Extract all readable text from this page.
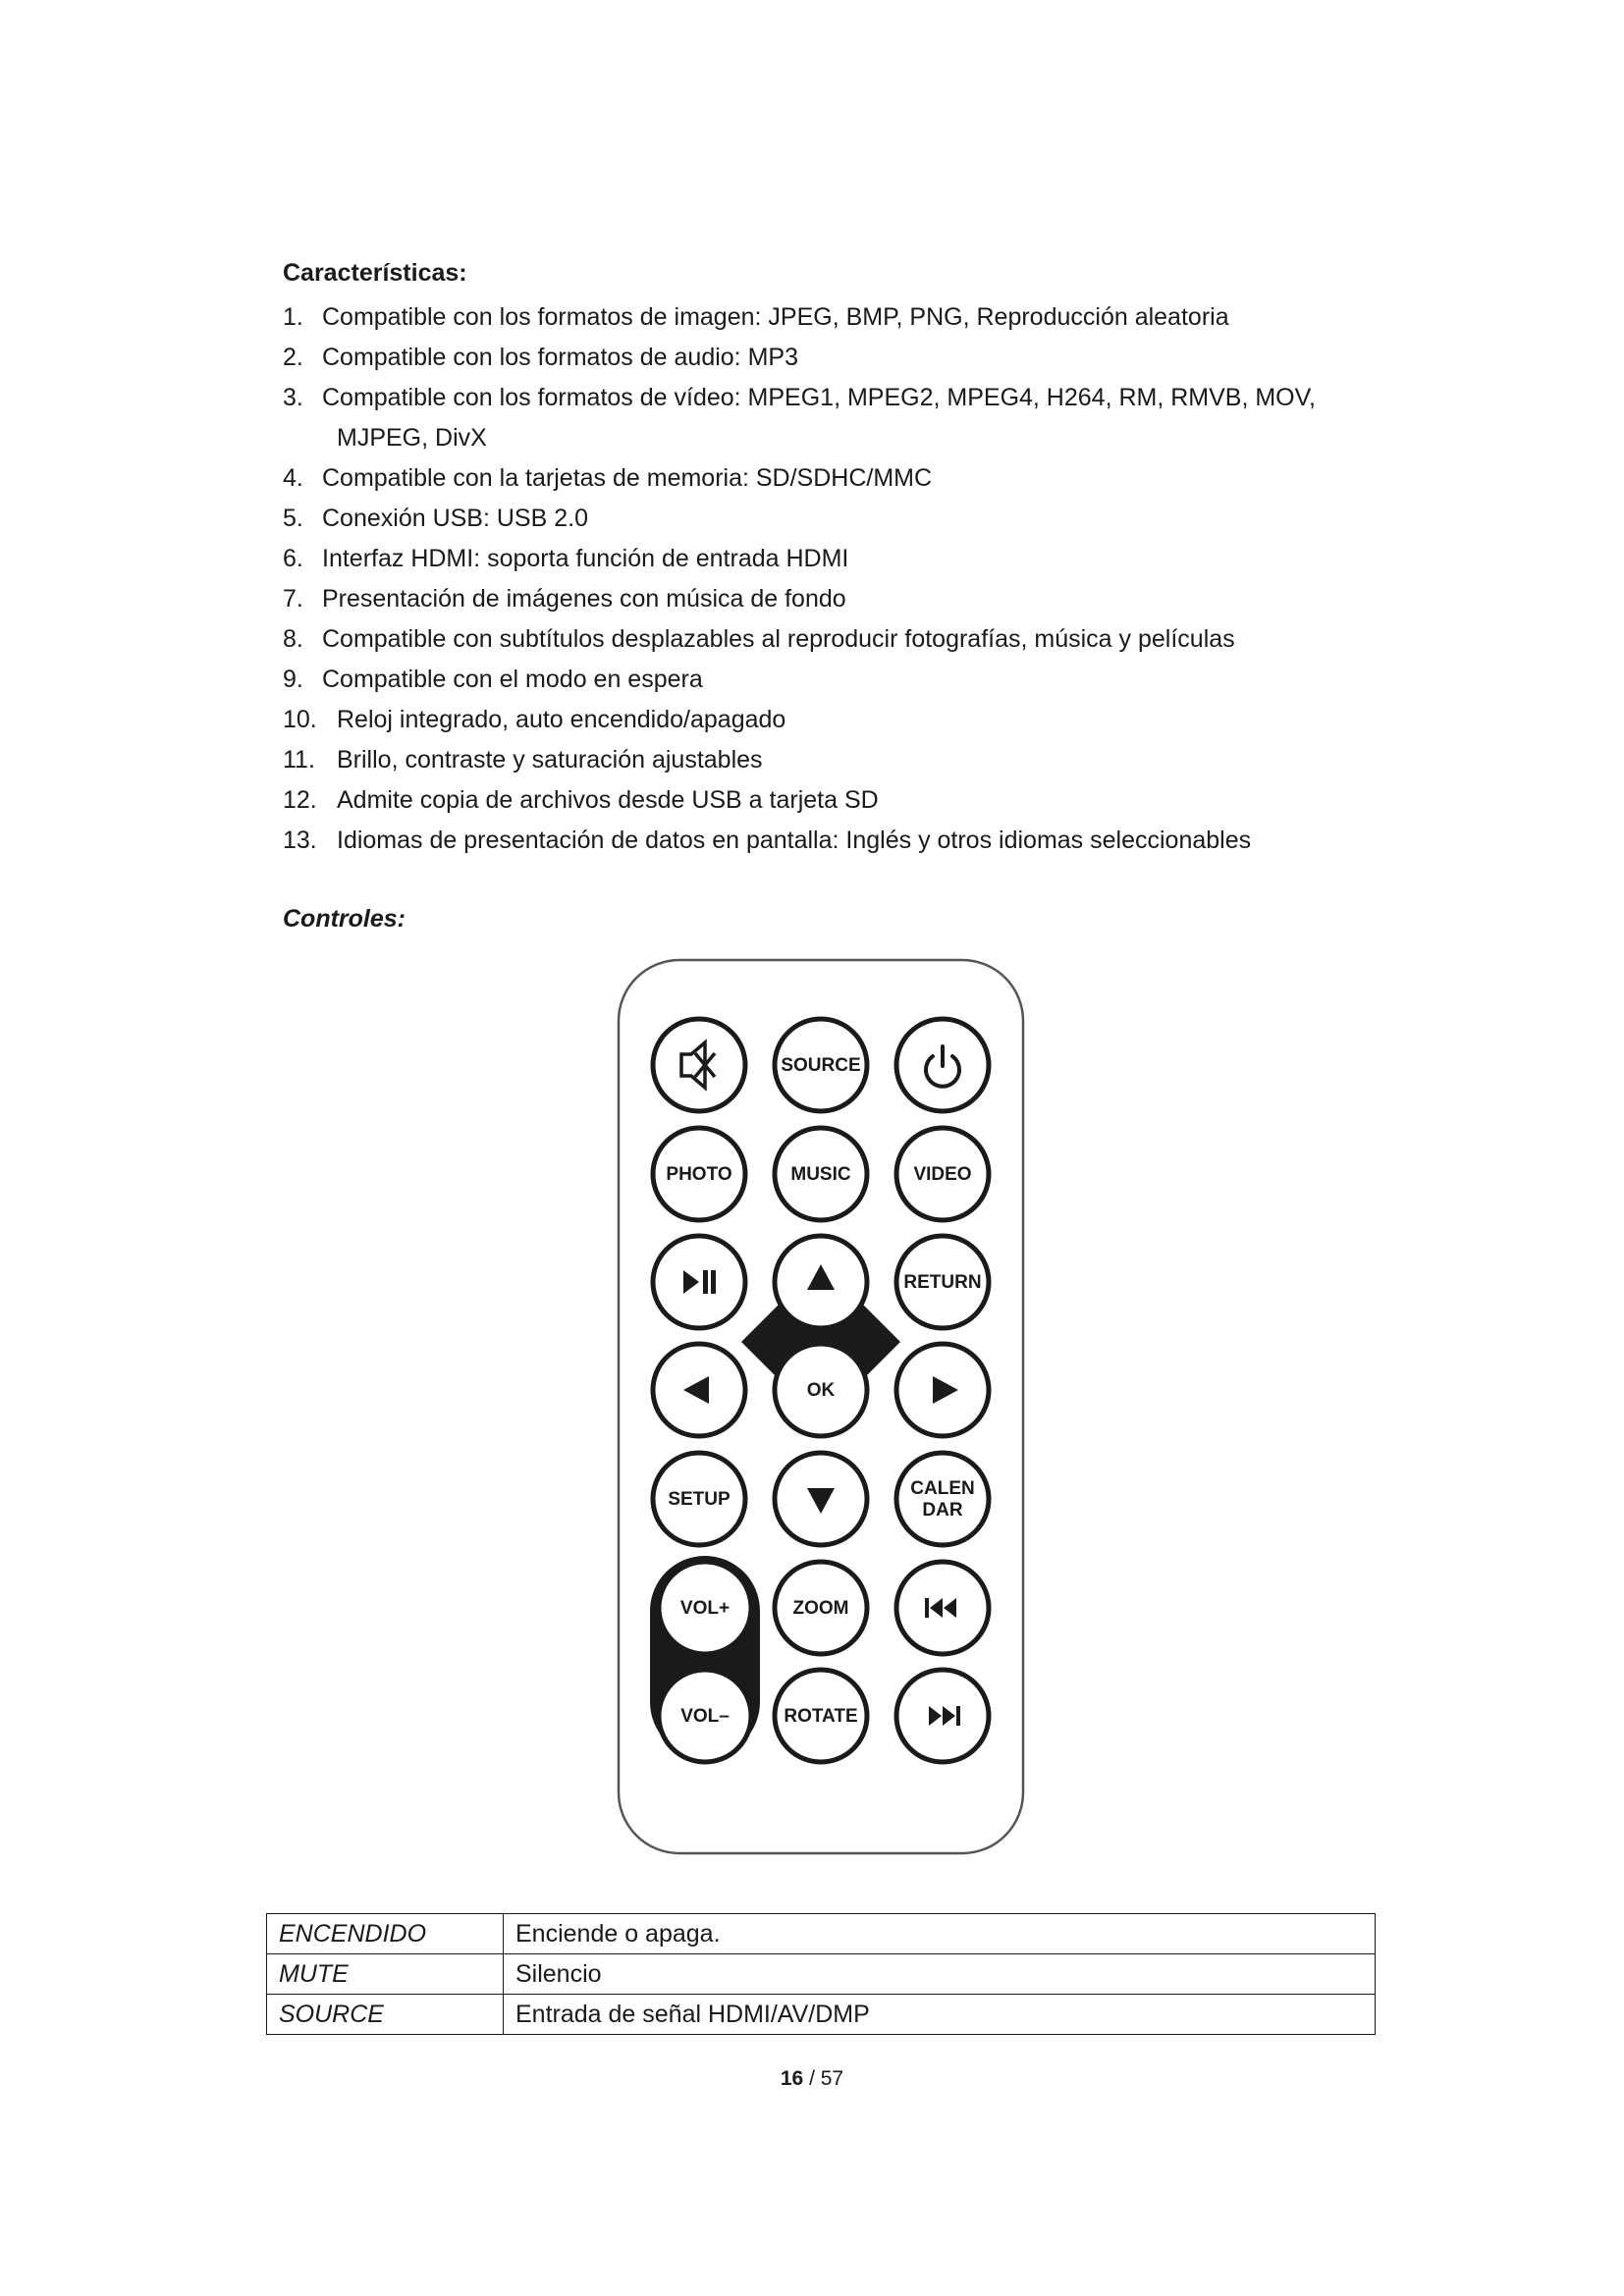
Características:
1. Compatible con los formatos de imagen: JPEG, BMP, PNG, Reproducción aleatoria
2. Compatible con los formatos de audio: MP3
3. Compatible con los formatos de vídeo: MPEG1, MPEG2, MPEG4, H264, RM, RMVB, MOV,
MJPEG, DivX
4. Compatible con la tarjetas de memoria: SD/SDHC/MMC
5. Conexión USB: USB 2.0
6. Interfaz HDMI: soporta función de entrada HDMI
7. Presentación de imágenes con música de fondo
8. Compatible con subtítulos desplazables al reproducir fotografías, música y películas
9. Compatible con el modo en espera
10. Reloj integrado, auto encendido/apagado
11. Brillo, contraste y saturación ajustables
12. Admite copia de archivos desde USB a tarjeta SD
13. Idiomas de presentación de datos en pantalla: Inglés y otros idiomas seleccionables
Controles:
SOURCE
PHOTO	MUSIC	VIDEO
RETURN
OK
SETUP
CALEN
DAR
VOL+	ZOOM
VOL–	ROTATE
ENCENDIDO	Enciende o apaga.
MUTE	Silencio
SOURCE	Entrada de señal HDMI/AV/DMP
16 / 57
